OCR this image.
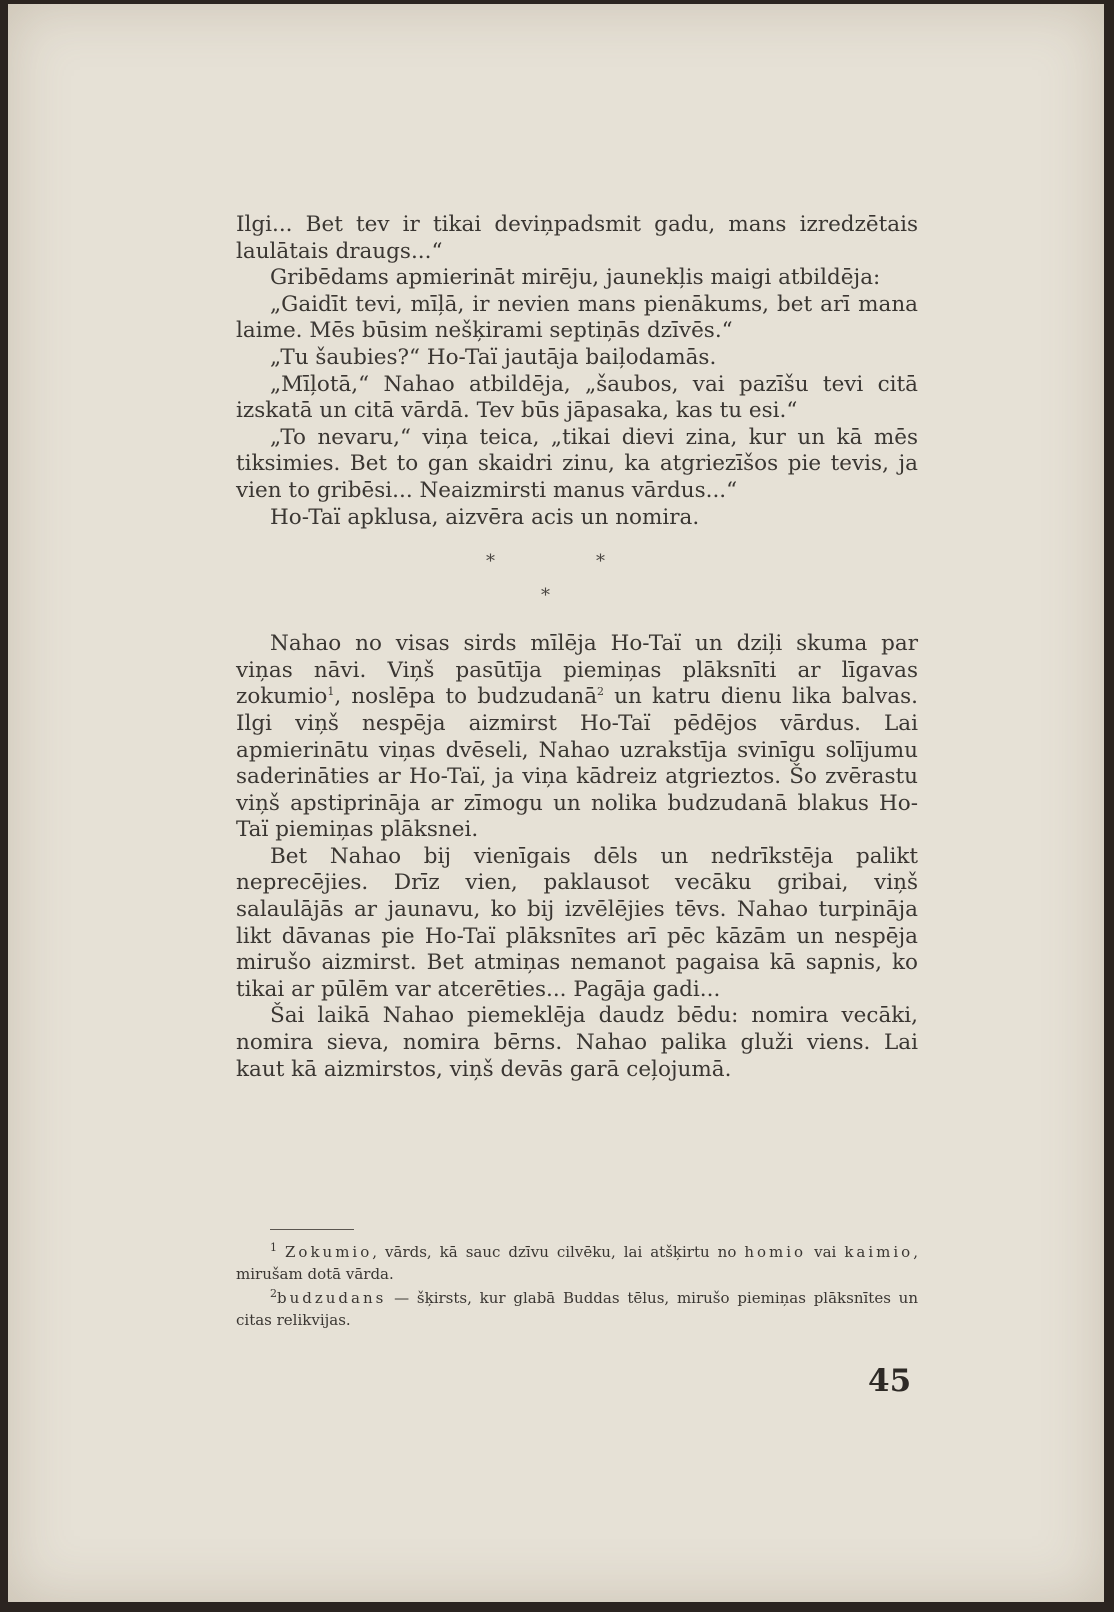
Ilgi... Bet tev ir tikai deviņpadsmit gadu, mans izredzētais laulātais draugs...“

Gribēdams apmierināt mirēju, jaunekļis maigi atbildēja:

„Gaidīt tevi, mīļā, ir nevien mans pienākums, bet arī mana laime. Mēs būsim nešķirami septiņās dzīvēs.“

„Tu šaubies?“ Ho-Taï jautāja baiļodamās.

„Mīļotā,“ Nahao atbildēja, „šaubos, vai pazīšu tevi citā izskatā un citā vārdā. Tev būs jāpasaka, kas tu esi.“

„To nevaru,“ viņa teica, „tikai dievi zina, kur un kā mēs tiksimies. Bet to gan skaidri zinu, ka atgriezīšos pie tevis, ja vien to gribēsi... Neaizmirsti manus vārdus...“

Ho-Taï apklusa, aizvēra acis un nomira.

*	*
*

Nahao no visas sirds mīlēja Ho-Taï un dziļi skuma par viņas nāvi. Viņš pasūtīja piemiņas plāksnīti ar līgavas zokumio$^1$, noslēpa to budzudanā$^2$ un katru dienu lika balvas. Ilgi viņš nespēja aizmirst Ho-Taï pēdējos vārdus. Lai apmierinātu viņas dvēseli, Nahao uzrakstīja svinīgu solījumu saderināties ar Ho-Taï, ja viņa kādreiz atgrieztos. Šo zvērastu viņš apstiprināja ar zīmogu un nolika budzudanā blakus Ho-Taï piemiņas plāksnei.

Bet Nahao bij vienīgais dēls un nedrīkstēja palikt neprecējies. Drīz vien, paklausot vecāku gribai, viņš salaulājās ar jaunavu, ko bij izvēlējies tēvs. Nahao turpināja likt dāvanas pie Ho-Taï plāksnītes arī pēc kāzām un nespēja mirušo aizmirst. Bet atmiņas nemanot pagaisa kā sapnis, ko tikai ar pūlēm var atcerēties... Pagāja gadi...

Šai laikā Nahao piemeklēja daudz bēdu: nomira vecāki, nomira sieva, nomira bērns. Nahao palika gluži viens. Lai kaut kā aizmirstos, viņš devās garā ceļojumā.

$^1$ Zokumio, vārds, kā sauc dzīvu cilvēku, lai atšķirtu no homio vai kaimio, mirušam dotā vārda.

$^2$budzudans — šķirsts, kur glabā Buddas tēlus, mirušo piemiņas plāksnītes un citas relikvijas.

45
